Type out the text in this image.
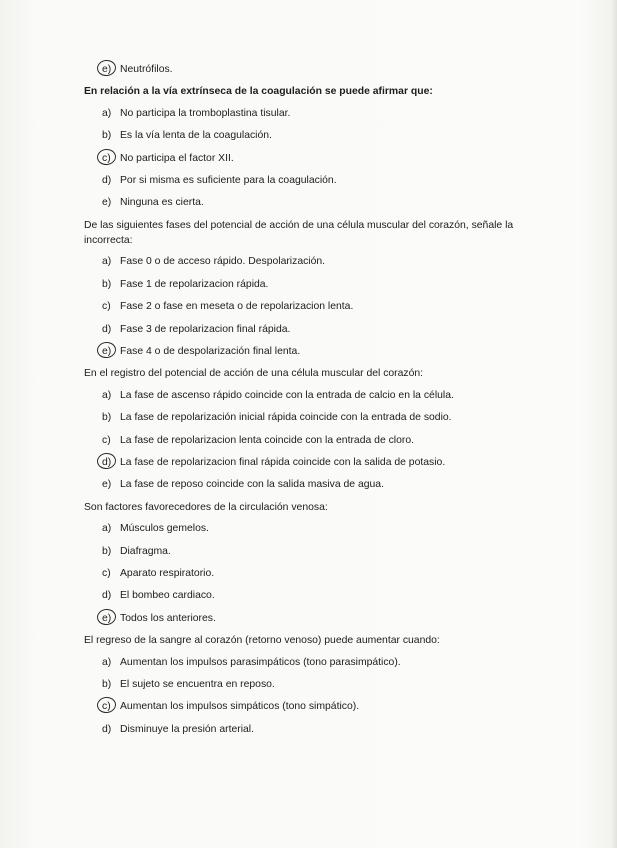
e) Neutrófilos.
En relación a la vía extrínseca de la coagulación se puede afirmar que:
a) No participa la tromboplastina tisular.
b) Es la vía lenta de la coagulación.
c) No participa el factor XII.
d) Por si misma es suficiente para la coagulación.
e) Ninguna es cierta.
De las siguientes fases del potencial de acción de una célula muscular del corazón, señale la incorrecta:
a) Fase 0 o de acceso rápido. Despolarización.
b) Fase 1 de repolarizacion rápida.
c) Fase 2 o fase en meseta o de repolarizacion lenta.
d) Fase 3 de repolarizacion final rápida.
e) Fase 4 o de despolarización final lenta.
En el registro del potencial de acción de una célula muscular del corazón:
a) La fase de ascenso rápido coincide con la entrada de calcio en la célula.
b) La fase de repolarización inicial rápida coincide con la entrada de sodio.
c) La fase de repolarizacion lenta coincide con la entrada de cloro.
d) La fase de repolarizacion final rápida coincide con la salida de potasio.
e) La fase de reposo coincide con la salida masiva de agua.
Son factores favorecedores de la circulación venosa:
a) Músculos gemelos.
b) Diafragma.
c) Aparato respiratorio.
d) El bombeo cardiaco.
e) Todos los anteriores.
El regreso de la sangre al corazón (retorno venoso) puede aumentar cuando:
a) Aumentan los impulsos parasimpáticos (tono parasimpático).
b) El sujeto se encuentra en reposo.
c) Aumentan los impulsos simpáticos (tono simpático).
d) Disminuye la presión arterial.
